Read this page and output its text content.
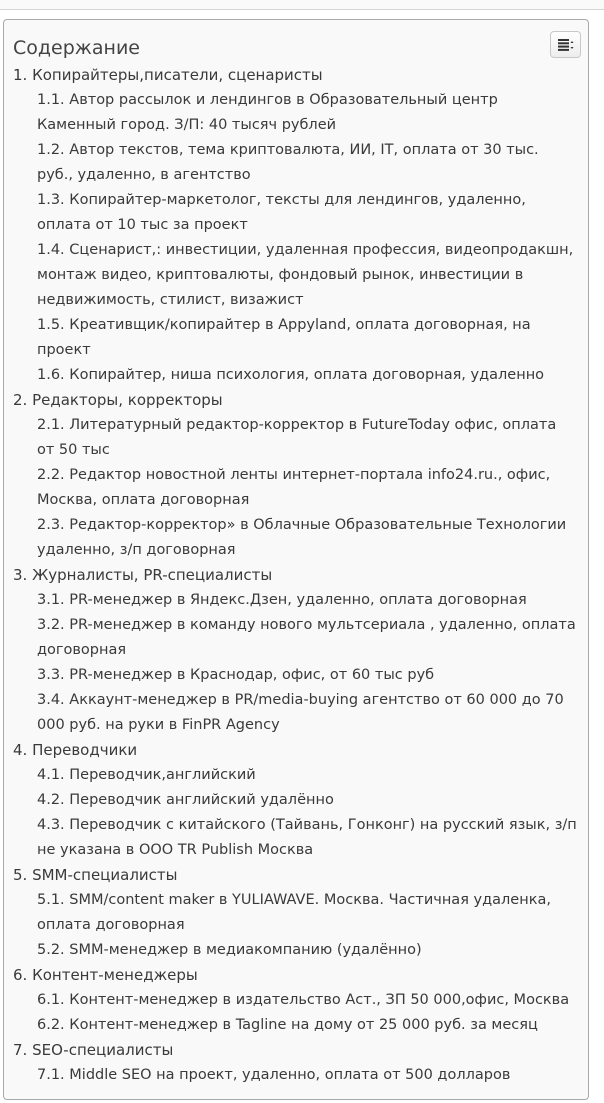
Содержание

1. Копирайтеры,писатели, сценаристы
1.1. Автор рассылок и лендингов в Образовательный центр Каменный город. З/П: 40 тысяч рублей
1.2. Автор текстов, тема криптовалюта, ИИ, IT, оплата от 30 тыс. руб., удаленно, в агентство
1.3. Копирайтер-маркетолог, тексты для лендингов, удаленно, оплата от 10 тыс за проект
1.4. Сценарист,: инвестиции, удаленная профессия, видеопродакшн, монтаж видео, криптовалюты, фондовый рынок, инвестиции в недвижимость, стилист, визажист
1.5. Креативщик/копирайтер в Appyland, оплата договорная, на проект
1.6. Копирайтер, ниша психология, оплата договорная, удаленно
2. Редакторы, корректоры
2.1. Литературный редактор-корректор в FutureToday офис, оплата от 50 тыс
2.2. Редактор новостной ленты интернет-портала info24.ru., офис, Москва, оплата договорная
2.3. Редактор-корректор» в Облачные Образовательные Технологии удаленно, з/п договорная
3. Журналисты, PR-специалисты
3.1. PR-менеджер в Яндекс.Дзен, удаленно, оплата договорная
3.2. PR-менеджер в команду нового мультсериала , удаленно, оплата договорная
3.3. PR-менеджер в Краснодар, офис, от 60 тыс руб
3.4. Аккаунт-менеджер в PR/media-buying агентство от 60 000 до 70 000 руб. на руки в FinPR Agency
4. Переводчики
4.1. Переводчик,английский
4.2. Переводчик английский удалённо
4.3. Переводчик с китайского (Тайвань, Гонконг) на русский язык, з/п не указана в ООО TR Publish Москва
5. SMM-специалисты
5.1. SMM/content maker в YULIAWAVE. Москва. Частичная удаленка, оплата договорная
5.2. SMM-менеджер в медиакомпанию (удалённо)
6. Контент-менеджеры
6.1. Контент-менеджер в издательство Аст., ЗП 50 000,офис, Москва
6.2. Контент-менеджер в Tagline на дому от 25 000 руб. за месяц
7. SEO-специалисты
7.1. Middle SEO на проект, удаленно, оплата от 500 долларов
